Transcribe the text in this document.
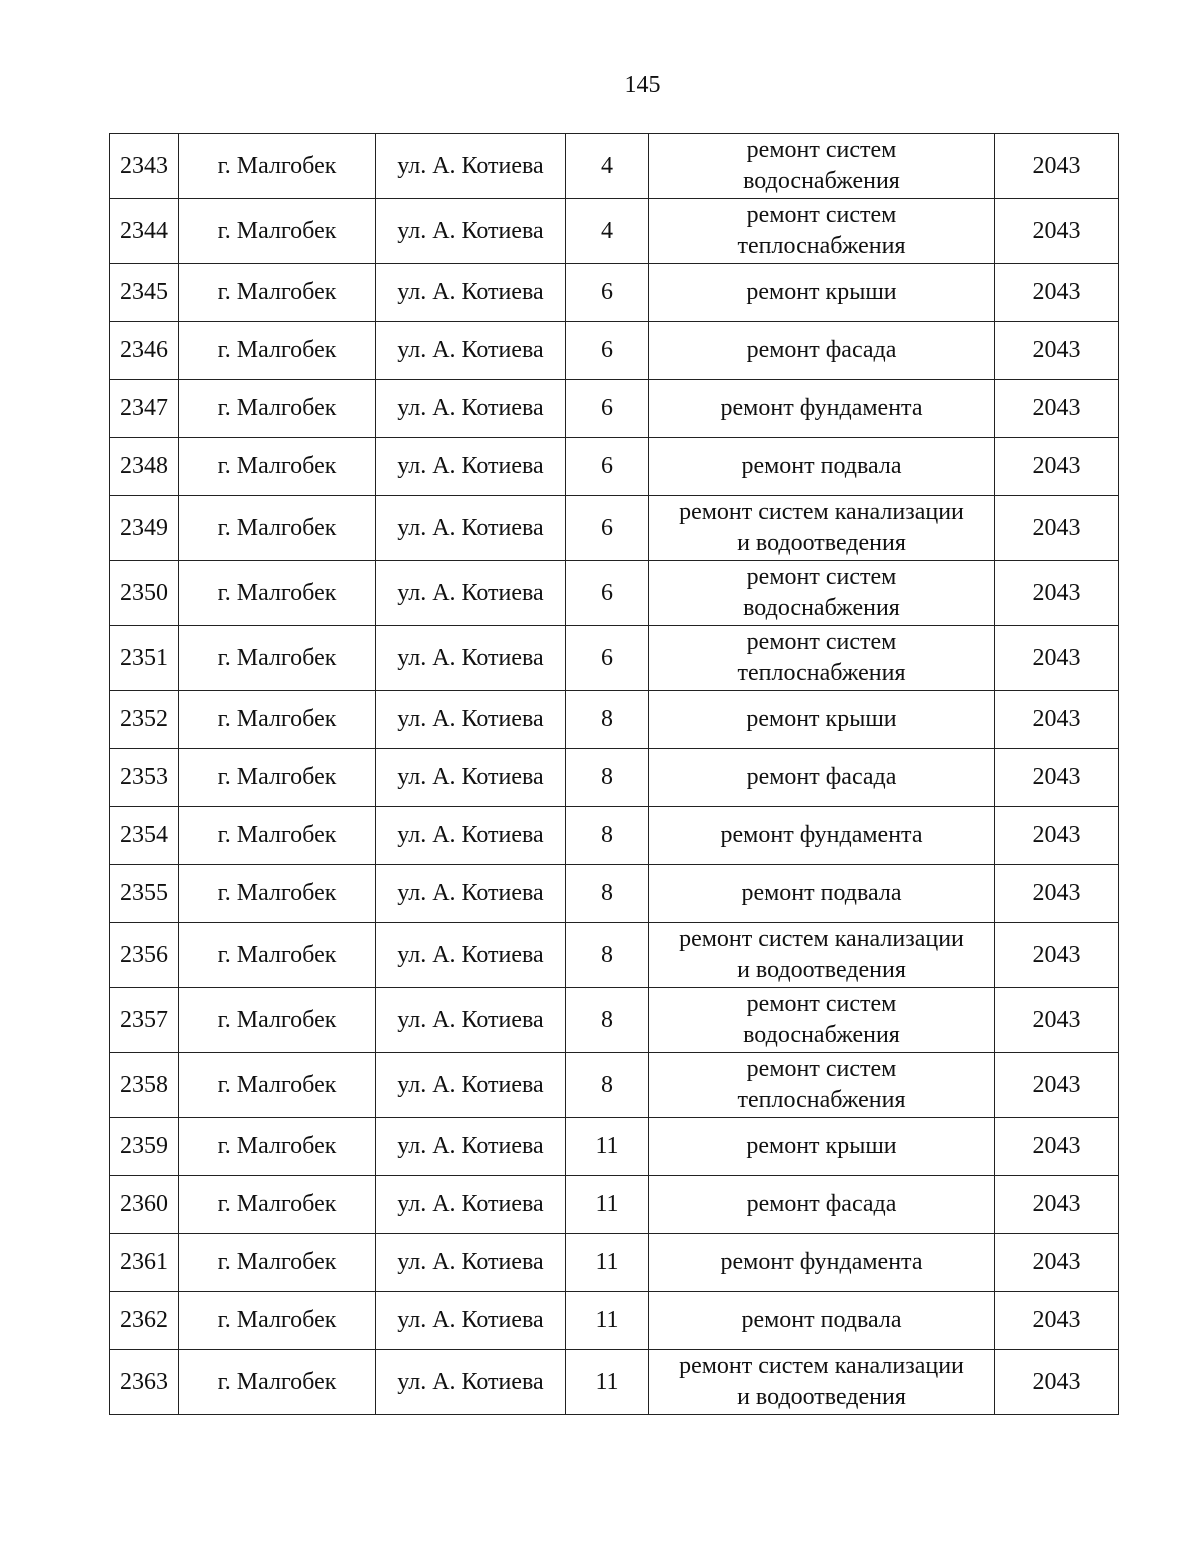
145
2343	г. Малгобек	ул. А. Котиева	4	ремонт систем
водоснабжения	2043
2344	г. Малгобек	ул. А. Котиева	4	ремонт систем
теплоснабжения	2043
2345	г. Малгобек	ул. А. Котиева	6	ремонт крыши	2043
2346	г. Малгобек	ул. А. Котиева	6	ремонт фасада	2043
2347	г. Малгобек	ул. А. Котиева	6	ремонт фундамента	2043
2348	г. Малгобек	ул. А. Котиева	6	ремонт подвала	2043
2349	г. Малгобек	ул. А. Котиева	6	ремонт систем канализации
и водоотведения	2043
2350	г. Малгобек	ул. А. Котиева	6	ремонт систем
водоснабжения	2043
2351	г. Малгобек	ул. А. Котиева	6	ремонт систем
теплоснабжения	2043
2352	г. Малгобек	ул. А. Котиева	8	ремонт крыши	2043
2353	г. Малгобек	ул. А. Котиева	8	ремонт фасада	2043
2354	г. Малгобек	ул. А. Котиева	8	ремонт фундамента	2043
2355	г. Малгобек	ул. А. Котиева	8	ремонт подвала	2043
2356	г. Малгобек	ул. А. Котиева	8	ремонт систем канализации
и водоотведения	2043
2357	г. Малгобек	ул. А. Котиева	8	ремонт систем
водоснабжения	2043
2358	г. Малгобек	ул. А. Котиева	8	ремонт систем
теплоснабжения	2043
2359	г. Малгобек	ул. А. Котиева	11	ремонт крыши	2043
2360	г. Малгобек	ул. А. Котиева	11	ремонт фасада	2043
2361	г. Малгобек	ул. А. Котиева	11	ремонт фундамента	2043
2362	г. Малгобек	ул. А. Котиева	11	ремонт подвала	2043
2363	г. Малгобек	ул. А. Котиева	11	ремонт систем канализации
и водоотведения	2043
